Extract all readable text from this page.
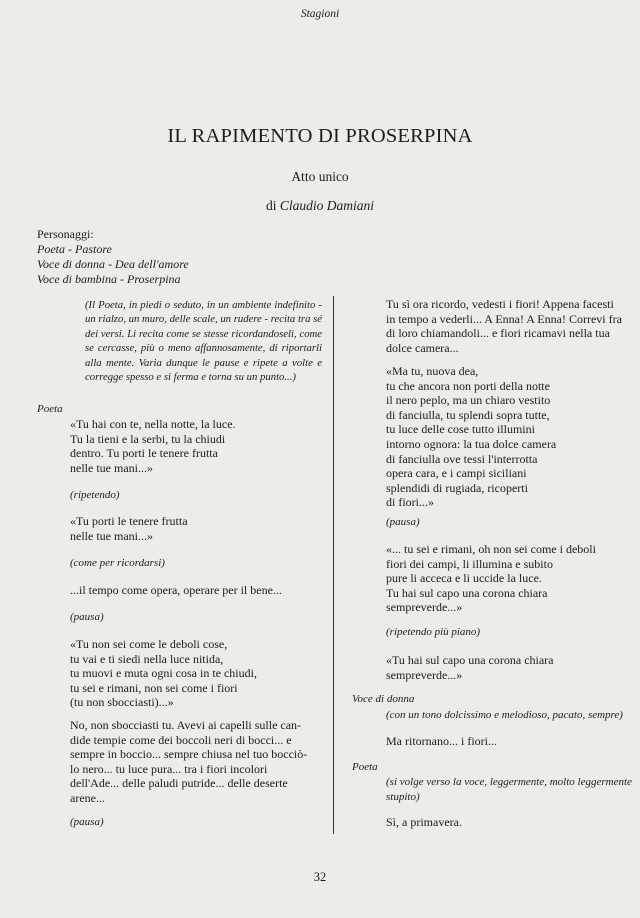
Stagioni
IL RAPIMENTO DI PROSERPINA
Atto unico
di Claudio Damiani
Personaggi:
Poeta - Pastore
Voce di donna - Dea dell'amore
Voce di bambina - Proserpina
(Il Poeta, in piedi o seduto, in un ambiente indefinito - un rialzo, un muro, delle scale, un rudere - recita tra sé dei versi. Li recita come se stesse ricordandoseli, come se cercasse, più o meno affannosamente, di riportarli alla mente. Varia dunque le pause e ripete a volte e corregge spesso e si ferma e torna su un punto...)
Poeta
«Tu hai con te, nella notte, la luce.
Tu la tieni e la serbi, tu la chiudi
dentro. Tu porti le tenere frutta
nelle tue mani...»
(ripetendo)
«Tu porti le tenere frutta
nelle tue mani...»
(come per ricordarsi)
...il tempo come opera, operare per il bene...
(pausa)
«Tu non sei come le deboli cose,
tu vai e ti siedi nella luce nitida,
tu muovi e muta ogni cosa in te chiudi,
tu sei e rimani, non sei come i fiori
(tu non sbocciasti)...»
No, non sbocciasti tu. Avevi ai capelli sulle can-
dide tempie come dei boccoli neri di bocci... e
sempre in boccio... sempre chiusa nel tuo bocciò-
lo nero... tu luce pura... tra i fiori incolori
dell'Ade... delle paludi putride... delle deserte
arene...
(pausa)
Tu sì ora ricordo, vedesti i fiori! Appena facesti
in tempo a vederli... A Enna! A Enna! Correvi fra
di loro chiamandoli... e fiori ricamavi nella tua
dolce camera...
«Ma tu, nuova dea,
tu che ancora non porti della notte
il nero peplo, ma un chiaro vestito
di fanciulla, tu splendi sopra tutte,
tu luce delle cose tutto illumini
intorno ognora: la tua dolce camera
di fanciulla ove tessi l'interrotta
opera cara, e i campi siciliani
splendidi di rugiada, ricoperti
di fiori...»
(pausa)
«... tu sei e rimani, oh non sei come i deboli
fiori dei campi, li illumina e subito
pure li acceca e li uccide la luce.
Tu hai sul capo una corona chiara
sempreverde...»
(ripetendo più piano)
«Tu hai sul capo una corona chiara
sempreverde...»
Voce di donna
(con un tono dolcissimo e melodioso, pacato, sempre)
Ma ritornano... i fiori...
Poeta
(si volge verso la voce, leggermente, molto leggermente
stupito)
Sì, a primavera.
32
